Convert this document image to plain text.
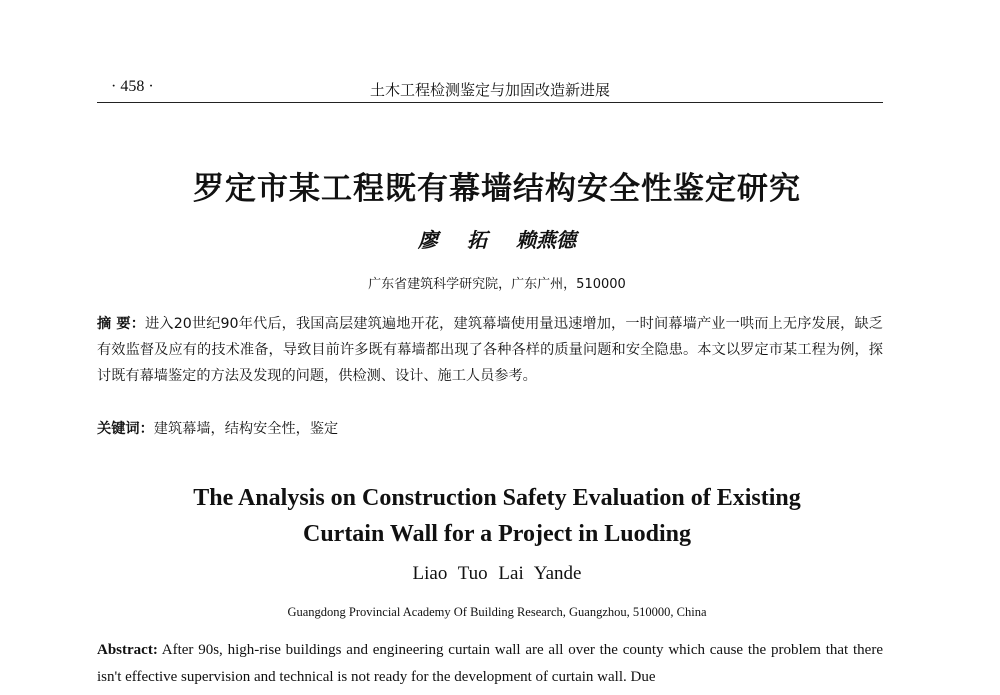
· 458 ·	土木工程检测鉴定与加固改造新进展
罗定市某工程既有幕墙结构安全性鉴定研究
廖 拓 赖燕德
广东省建筑科学研究院，广东广州，510000
摘 要：进入20世纪90年代后，我国高层建筑遍地开花，建筑幕墙使用量迅速增加，一时间幕墙产业一哄而上无序发展，缺乏有效监督及应有的技术准备，导致目前许多既有幕墙都出现了各种各样的质量问题和安全隐患。本文以罗定市某工程为例，探讨既有幕墙鉴定的方法及发现的问题，供检测、设计、施工人员参考。
关键词：建筑幕墙，结构安全性，鉴定
The Analysis on Construction Safety Evaluation of Existing
Curtain Wall for a Project in Luoding
Liao Tuo Lai Yande
Guangdong Provincial Academy Of Building Research, Guangzhou, 510000, China
Abstract: After 90s, high-rise buildings and engineering curtain wall are all over the county which cause the problem that there isn't effective supervision and technical is not ready for the development of curtain wall. Due
